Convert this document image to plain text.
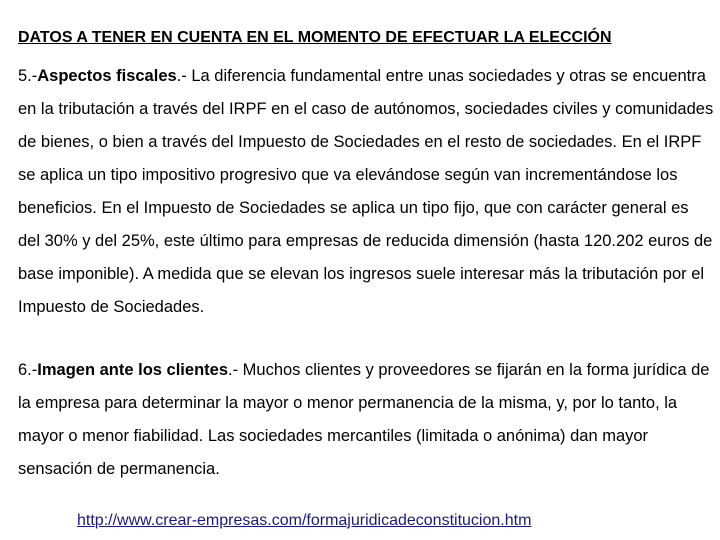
DATOS A TENER EN CUENTA EN EL MOMENTO DE EFECTUAR LA ELECCIÓN

5.-Aspectos fiscales.- La diferencia fundamental entre unas sociedades y otras se encuentra en la tributación a través del IRPF en el caso de autónomos, sociedades civiles y comunidades de bienes, o bien a través del Impuesto de Sociedades en el resto de sociedades. En el IRPF se aplica un tipo impositivo progresivo que va elevándose según van incrementándose los beneficios. En el Impuesto de Sociedades se aplica un tipo fijo, que con carácter general es del 30% y del 25%, este último para empresas de reducida dimensión (hasta 120.202 euros de base imponible). A medida que se elevan los ingresos suele interesar más la tributación por el Impuesto de Sociedades.

6.-Imagen ante los clientes.- Muchos clientes y proveedores se fijarán en la forma jurídica de la empresa para determinar la mayor o menor permanencia de la misma, y, por lo tanto, la mayor o menor fiabilidad. Las sociedades mercantiles (limitada o anónima) dan mayor sensación de permanencia.

http://www.crear-empresas.com/formajuridicadeconstitucion.htm
